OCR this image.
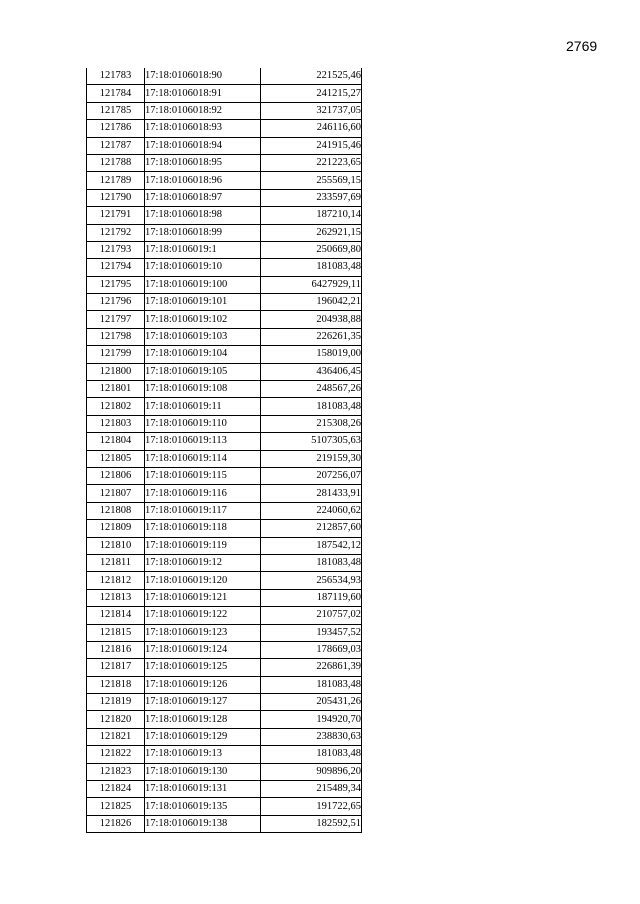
2769
121783	17:18:0106018:90	221525,46
121784	17:18:0106018:91	241215,27
121785	17:18:0106018:92	321737,05
121786	17:18:0106018:93	246116,60
121787	17:18:0106018:94	241915,46
121788	17:18:0106018:95	221223,65
121789	17:18:0106018:96	255569,15
121790	17:18:0106018:97	233597,69
121791	17:18:0106018:98	187210,14
121792	17:18:0106018:99	262921,15
121793	17:18:0106019:1	250669,80
121794	17:18:0106019:10	181083,48
121795	17:18:0106019:100	6427929,11
121796	17:18:0106019:101	196042,21
121797	17:18:0106019:102	204938,88
121798	17:18:0106019:103	226261,35
121799	17:18:0106019:104	158019,00
121800	17:18:0106019:105	436406,45
121801	17:18:0106019:108	248567,26
121802	17:18:0106019:11	181083,48
121803	17:18:0106019:110	215308,26
121804	17:18:0106019:113	5107305,63
121805	17:18:0106019:114	219159,30
121806	17:18:0106019:115	207256,07
121807	17:18:0106019:116	281433,91
121808	17:18:0106019:117	224060,62
121809	17:18:0106019:118	212857,60
121810	17:18:0106019:119	187542,12
121811	17:18:0106019:12	181083,48
121812	17:18:0106019:120	256534,93
121813	17:18:0106019:121	187119,60
121814	17:18:0106019:122	210757,02
121815	17:18:0106019:123	193457,52
121816	17:18:0106019:124	178669,03
121817	17:18:0106019:125	226861,39
121818	17:18:0106019:126	181083,48
121819	17:18:0106019:127	205431,26
121820	17:18:0106019:128	194920,70
121821	17:18:0106019:129	238830,63
121822	17:18:0106019:13	181083,48
121823	17:18:0106019:130	909896,20
121824	17:18:0106019:131	215489,34
121825	17:18:0106019:135	191722,65
121826	17:18:0106019:138	182592,51
